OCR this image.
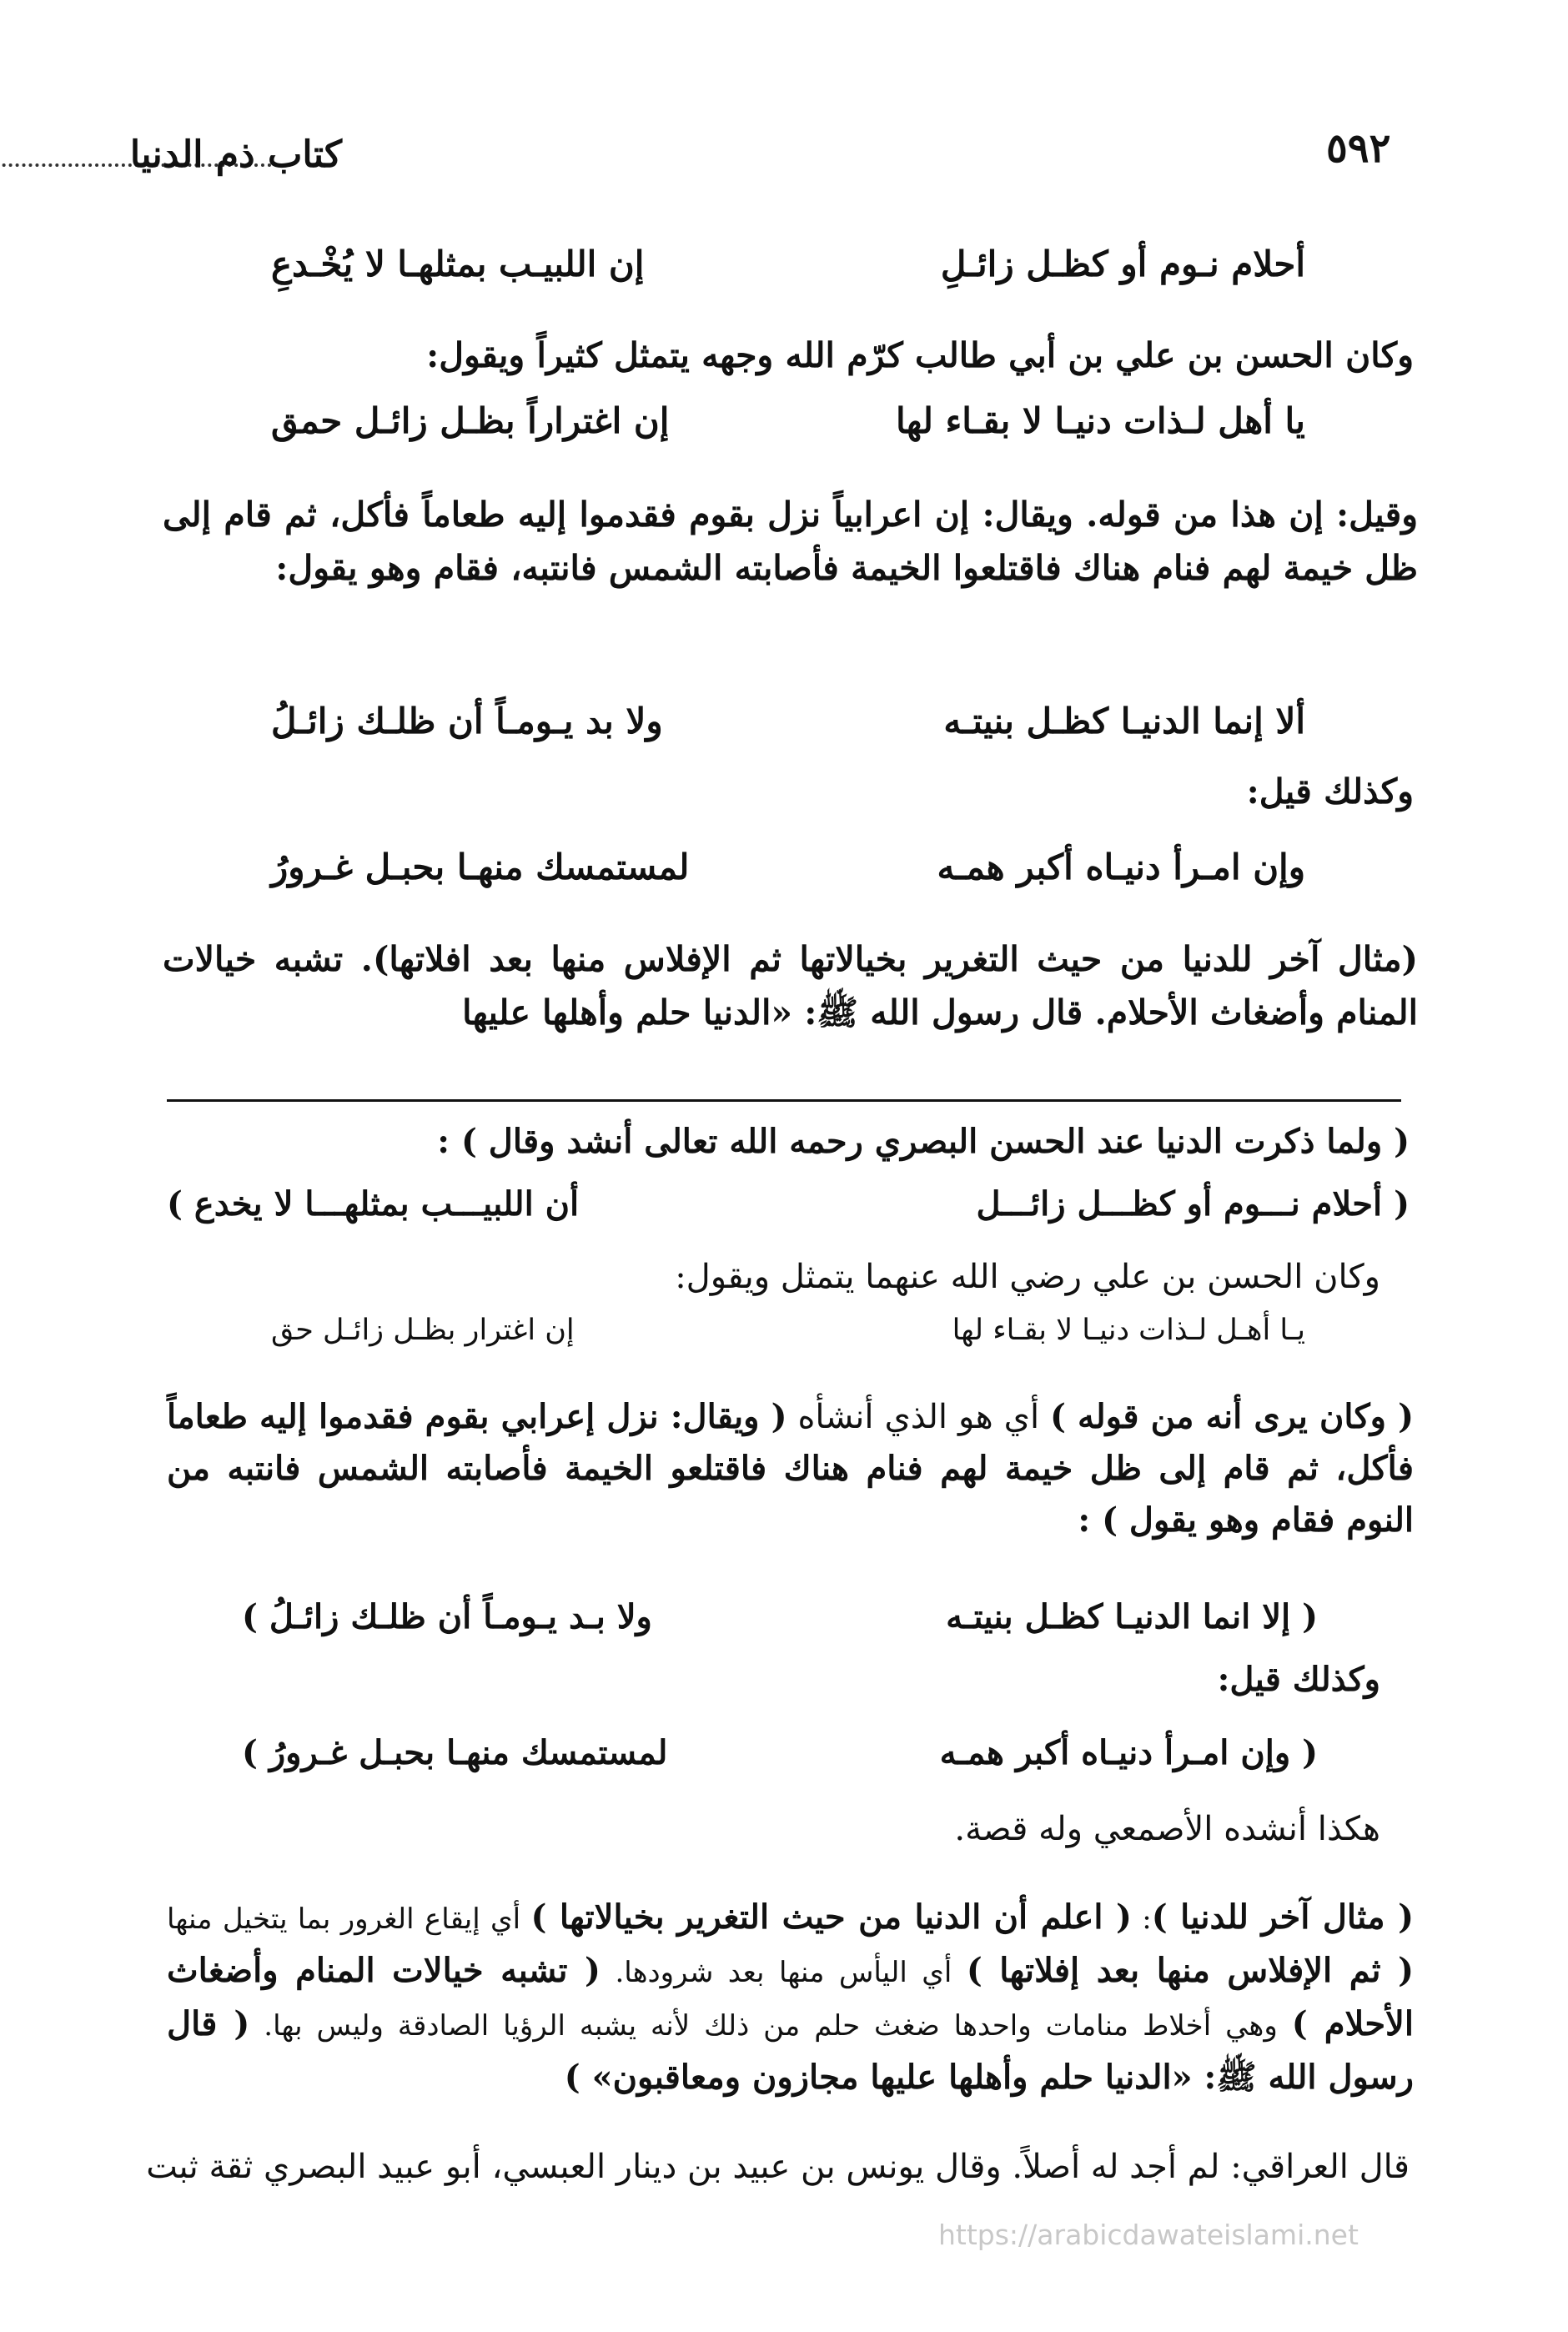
٥٩٢
كتاب ذم الدنيا
أحلام نـوم أو كظـل زائـلِ
إن اللبيـب بمثلهـا لا يُخْـدعِ
وكان الحسن بن علي بن أبي طالب كرّم الله وجهه يتمثل كثيراً ويقول:
يا أهل لـذات دنيـا لا بقـاء لها
إن اغتراراً بظـل زائـل حمق
وقيل: إن هذا من قوله. ويقال: إن اعرابياً نزل بقوم فقدموا إليه طعاماً فأكل، ثم قام إلى ظل خيمة لهم فنام هناك فاقتلعوا الخيمة فأصابته الشمس فانتبه، فقام وهو يقول:
ألا إنما الدنيـا كظـل بنيتـه
ولا بد يـومـاً أن ظلـك زائـلُ
وكذلك قيل:
وإن امـرأ دنيـاه أكبر همـه
لمستمسك منهـا بحبـل غـرورُ
(مثال آخر للدنيا من حيث التغرير بخيالاتها ثم الإفلاس منها بعد افلاتها). تشبه خيالات المنام وأضغاث الأحلام. قال رسول الله ﷺ: «الدنيا حلم وأهلها عليها
( ولما ذكرت الدنيا عند الحسن البصري رحمه الله تعالى أنشد وقال ) :
( أحلام نـــوم أو كظـــل زائـــل
أن اللبيـــب بمثلهـــا لا يخدع )
وكان الحسن بن علي رضي الله عنهما يتمثل ويقول:
يـا أهـل لـذات دنيـا لا بقـاء لها
إن اغترار بظـل زائـل حق
( وكان يرى أنه من قوله ) أي هو الذي أنشأه ( ويقال: نزل إعرابي بقوم فقدموا إليه طعاماً فأكل، ثم قام إلى ظل خيمة لهم فنام هناك فاقتلعو الخيمة فأصابته الشمس فانتبه من النوم فقام وهو يقول ) :
( إلا انما الدنيـا كظـل بنيتـه
ولا بـد يـومـاً أن ظلـك زائـلُ )
وكذلك قيل:
( وإن امـرأ دنيـاه أكبر همـه
لمستمسك منهـا بحبـل غـرورُ )
هكذا أنشده الأصمعي وله قصة.
( مثال آخر للدنيا ): ( اعلم أن الدنيا من حيث التغرير بخيالاتها ) أي إيقاع الغرور بما يتخيل منها ( ثم الإفلاس منها بعد إفلاتها ) أي اليأس منها بعد شرودها. ( تشبه خيالات المنام وأضغاث الأحلام ) وهي أخلاط منامات واحدها ضغث حلم من ذلك لأنه يشبه الرؤيا الصادقة وليس بها. ( قال رسول الله ﷺ: «الدنيا حلم وأهلها عليها مجازون ومعاقبون» )
قال العراقي: لم أجد له أصلاً. وقال يونس بن عبيد بن دينار العبسي، أبو عبيد البصري ثقة ثبت
https://arabicdawateislami.net
